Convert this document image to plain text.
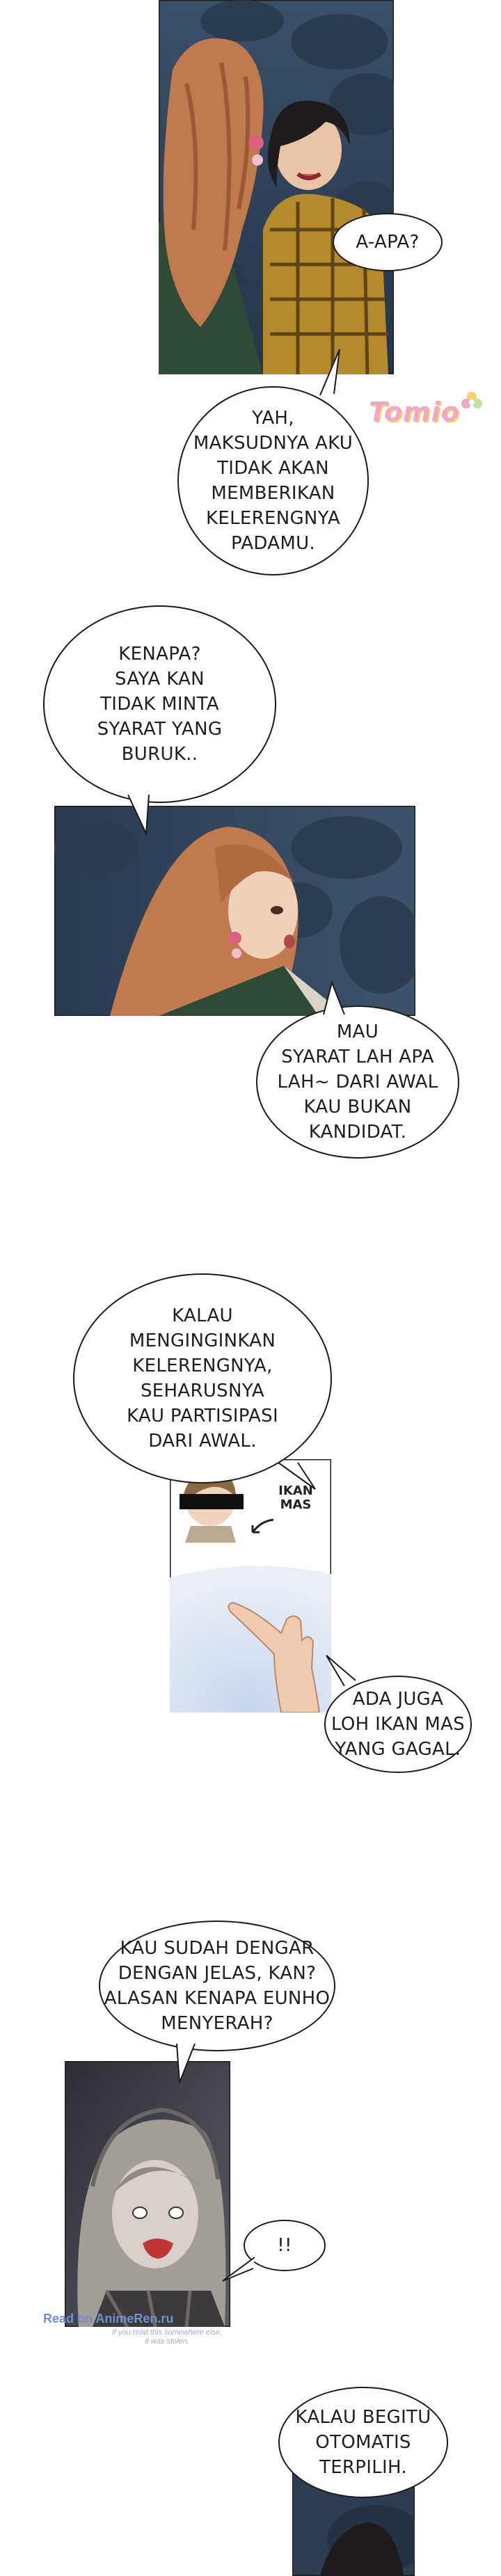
A-APA?
YAH,
MAKSUDNYA AKU
TIDAK AKAN
MEMBERIKAN
KELERENGNYA
PADAMU.
Tomio
KENAPA?
SAYA KAN
TIDAK MINTA
SYARAT YANG
BURUK..
MAU
SYARAT LAH APA
LAH~ DARI AWAL
KAU BUKAN
KANDIDAT.
KALAU
MENGINGINKAN
KELERENGNYA,
SEHARUSNYA
KAU PARTISIPASI
DARI AWAL.
IKAN
MAS
ADA JUGA
LOH IKAN MAS
YANG GAGAL.
KAU SUDAH DENGAR
DENGAN JELAS, KAN?
ALASAN KENAPA EUNHO
MENYERAH?
!!
Read on AnimeRen.ru
If you read this somewhere else,
it was stolen.
KALAU BEGITU
OTOMATIS
TERPILIH.
